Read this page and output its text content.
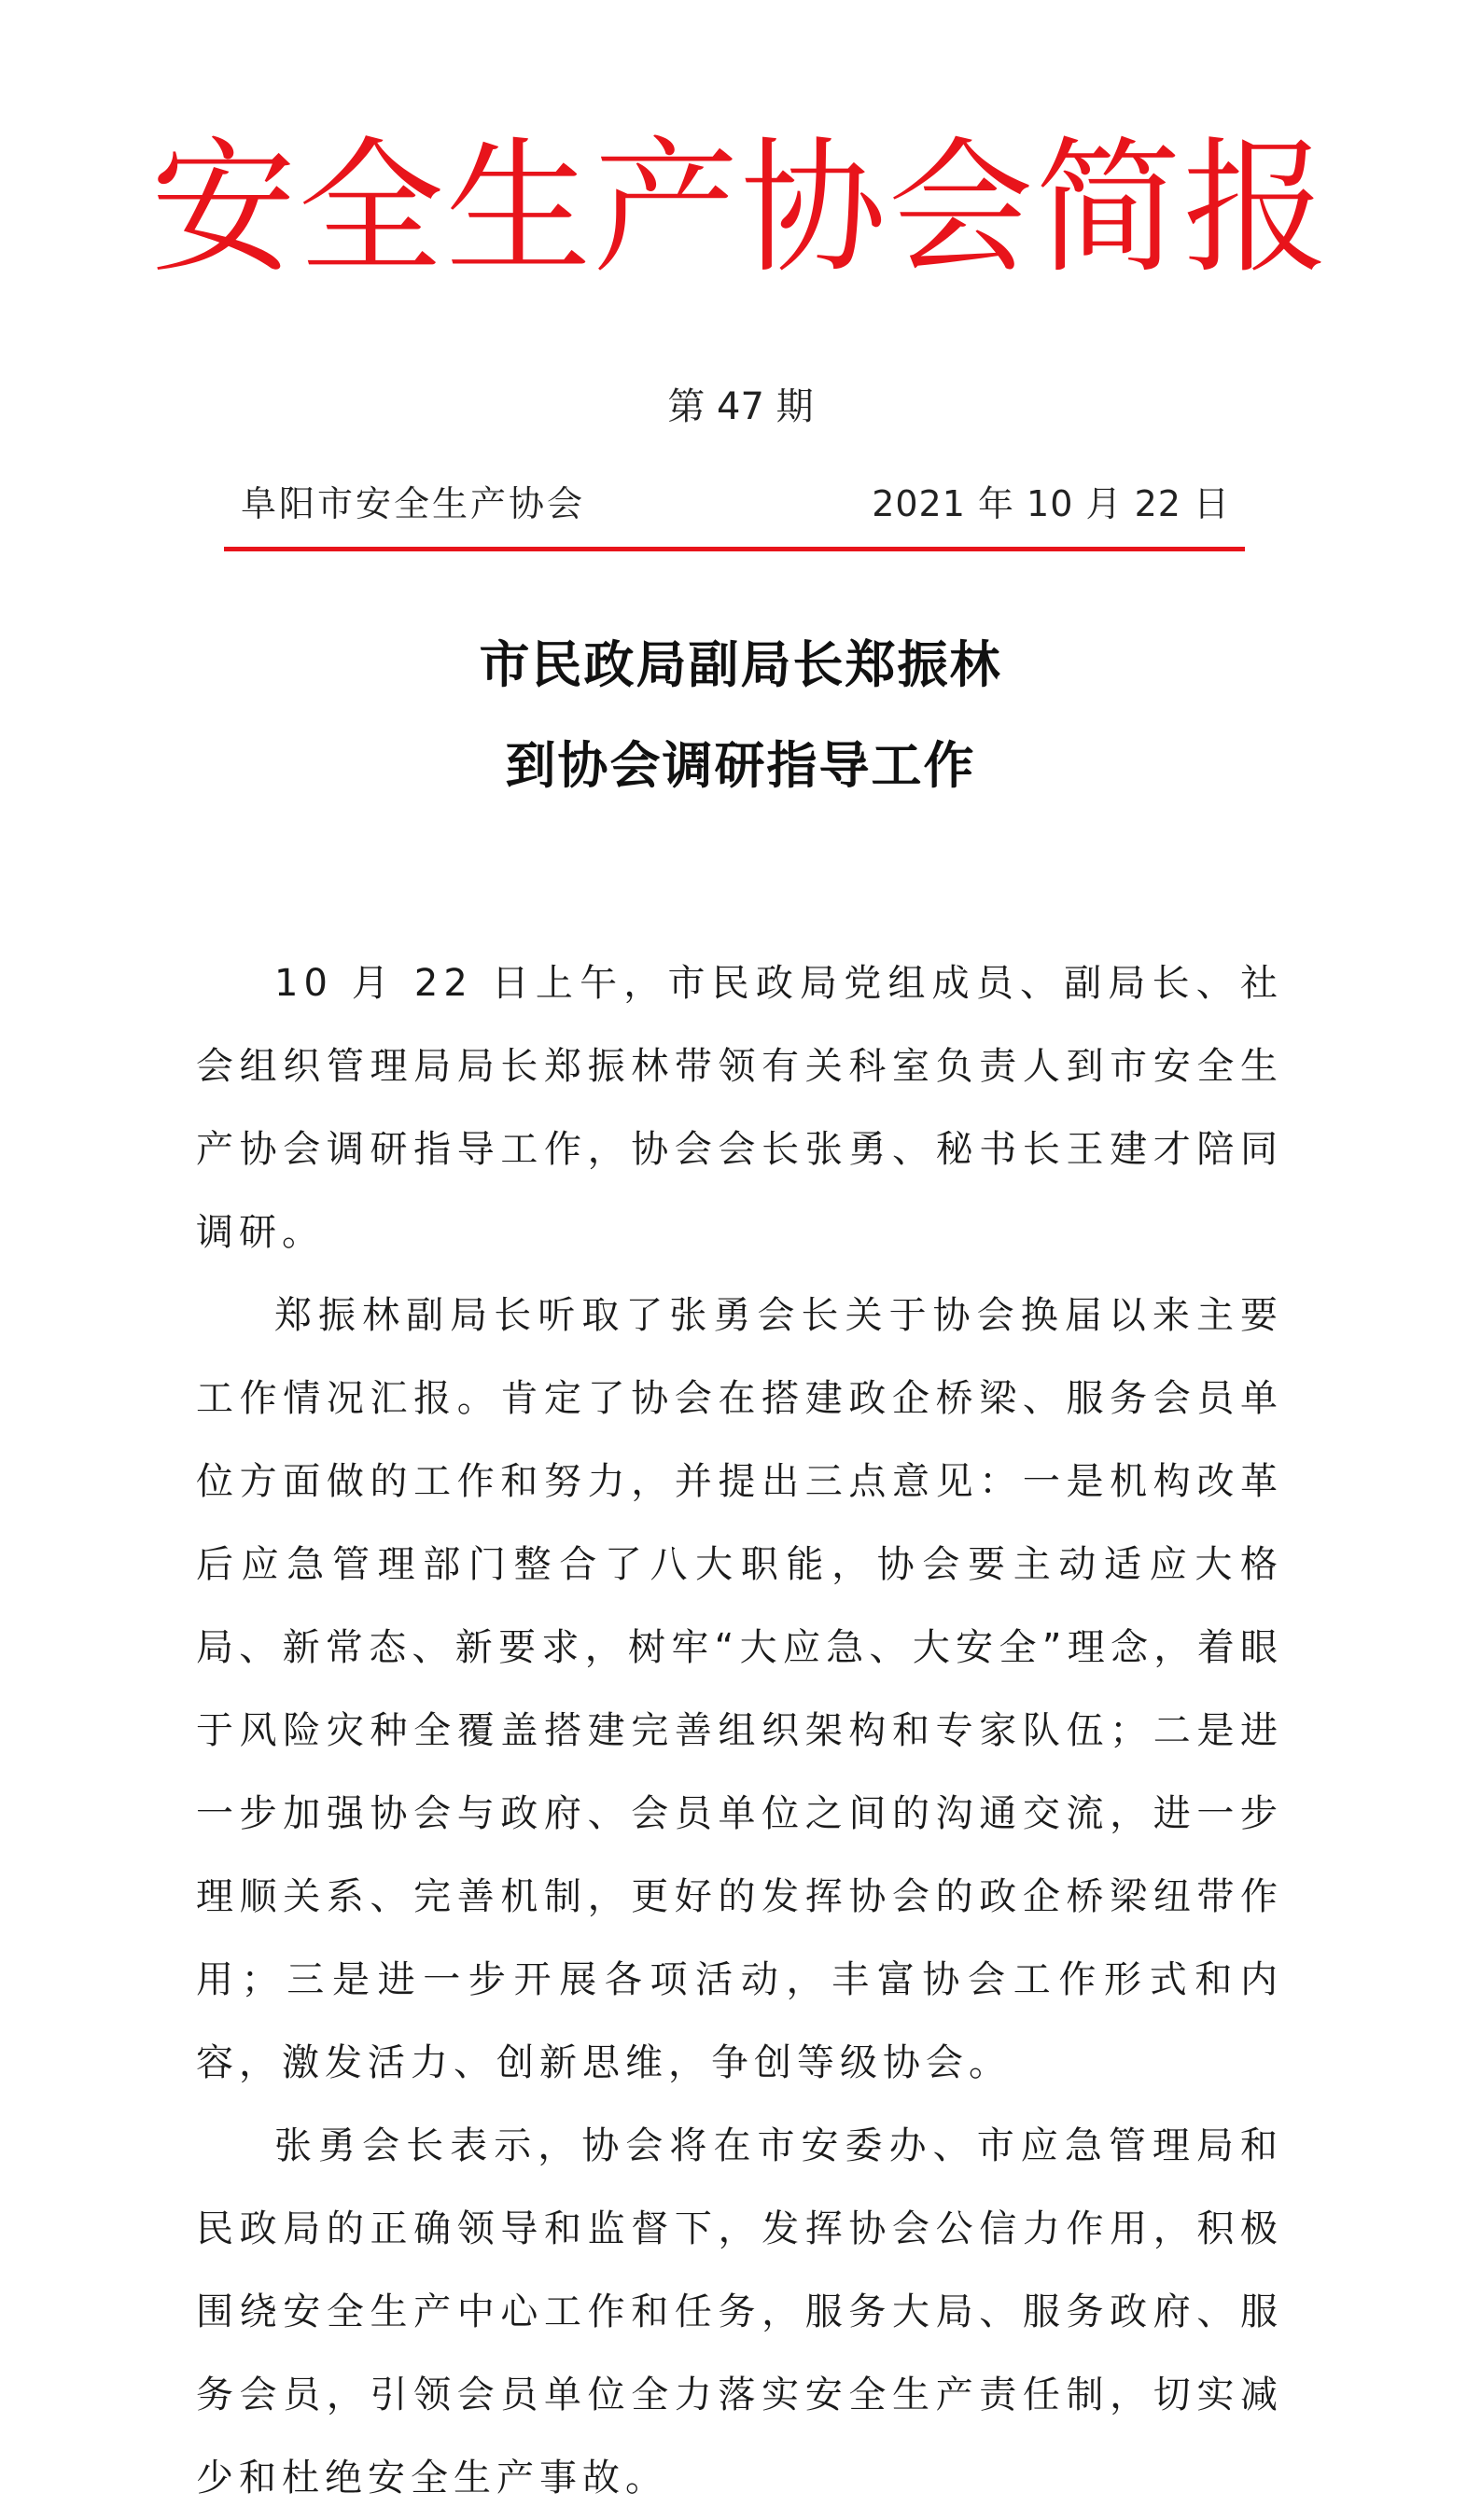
安全生产协会简报
第 47 期
阜阳市安全生产协会	2021 年 10 月 22 日
市民政局副局长郑振林
到协会调研指导工作

10 月 22 日上午，市民政局党组成员、副局长、社会组织管理局局长郑振林带领有关科室负责人到市安全生产协会调研指导工作，协会会长张勇、秘书长王建才陪同调研。

郑振林副局长听取了张勇会长关于协会换届以来主要工作情况汇报。肯定了协会在搭建政企桥梁、服务会员单位方面做的工作和努力，并提出三点意见：一是机构改革后应急管理部门整合了八大职能，协会要主动适应大格局、新常态、新要求，树牢“大应急、大安全”理念，着眼于风险灾种全覆盖搭建完善组织架构和专家队伍；二是进一步加强协会与政府、会员单位之间的沟通交流，进一步理顺关系、完善机制，更好的发挥协会的政企桥梁纽带作用；三是进一步开展各项活动，丰富协会工作形式和内容，激发活力、创新思维，争创等级协会。

张勇会长表示，协会将在市安委办、市应急管理局和民政局的正确领导和监督下，发挥协会公信力作用，积极围绕安全生产中心工作和任务，服务大局、服务政府、服务会员，引领会员单位全力落实安全生产责任制，切实减少和杜绝安全生产事故。
